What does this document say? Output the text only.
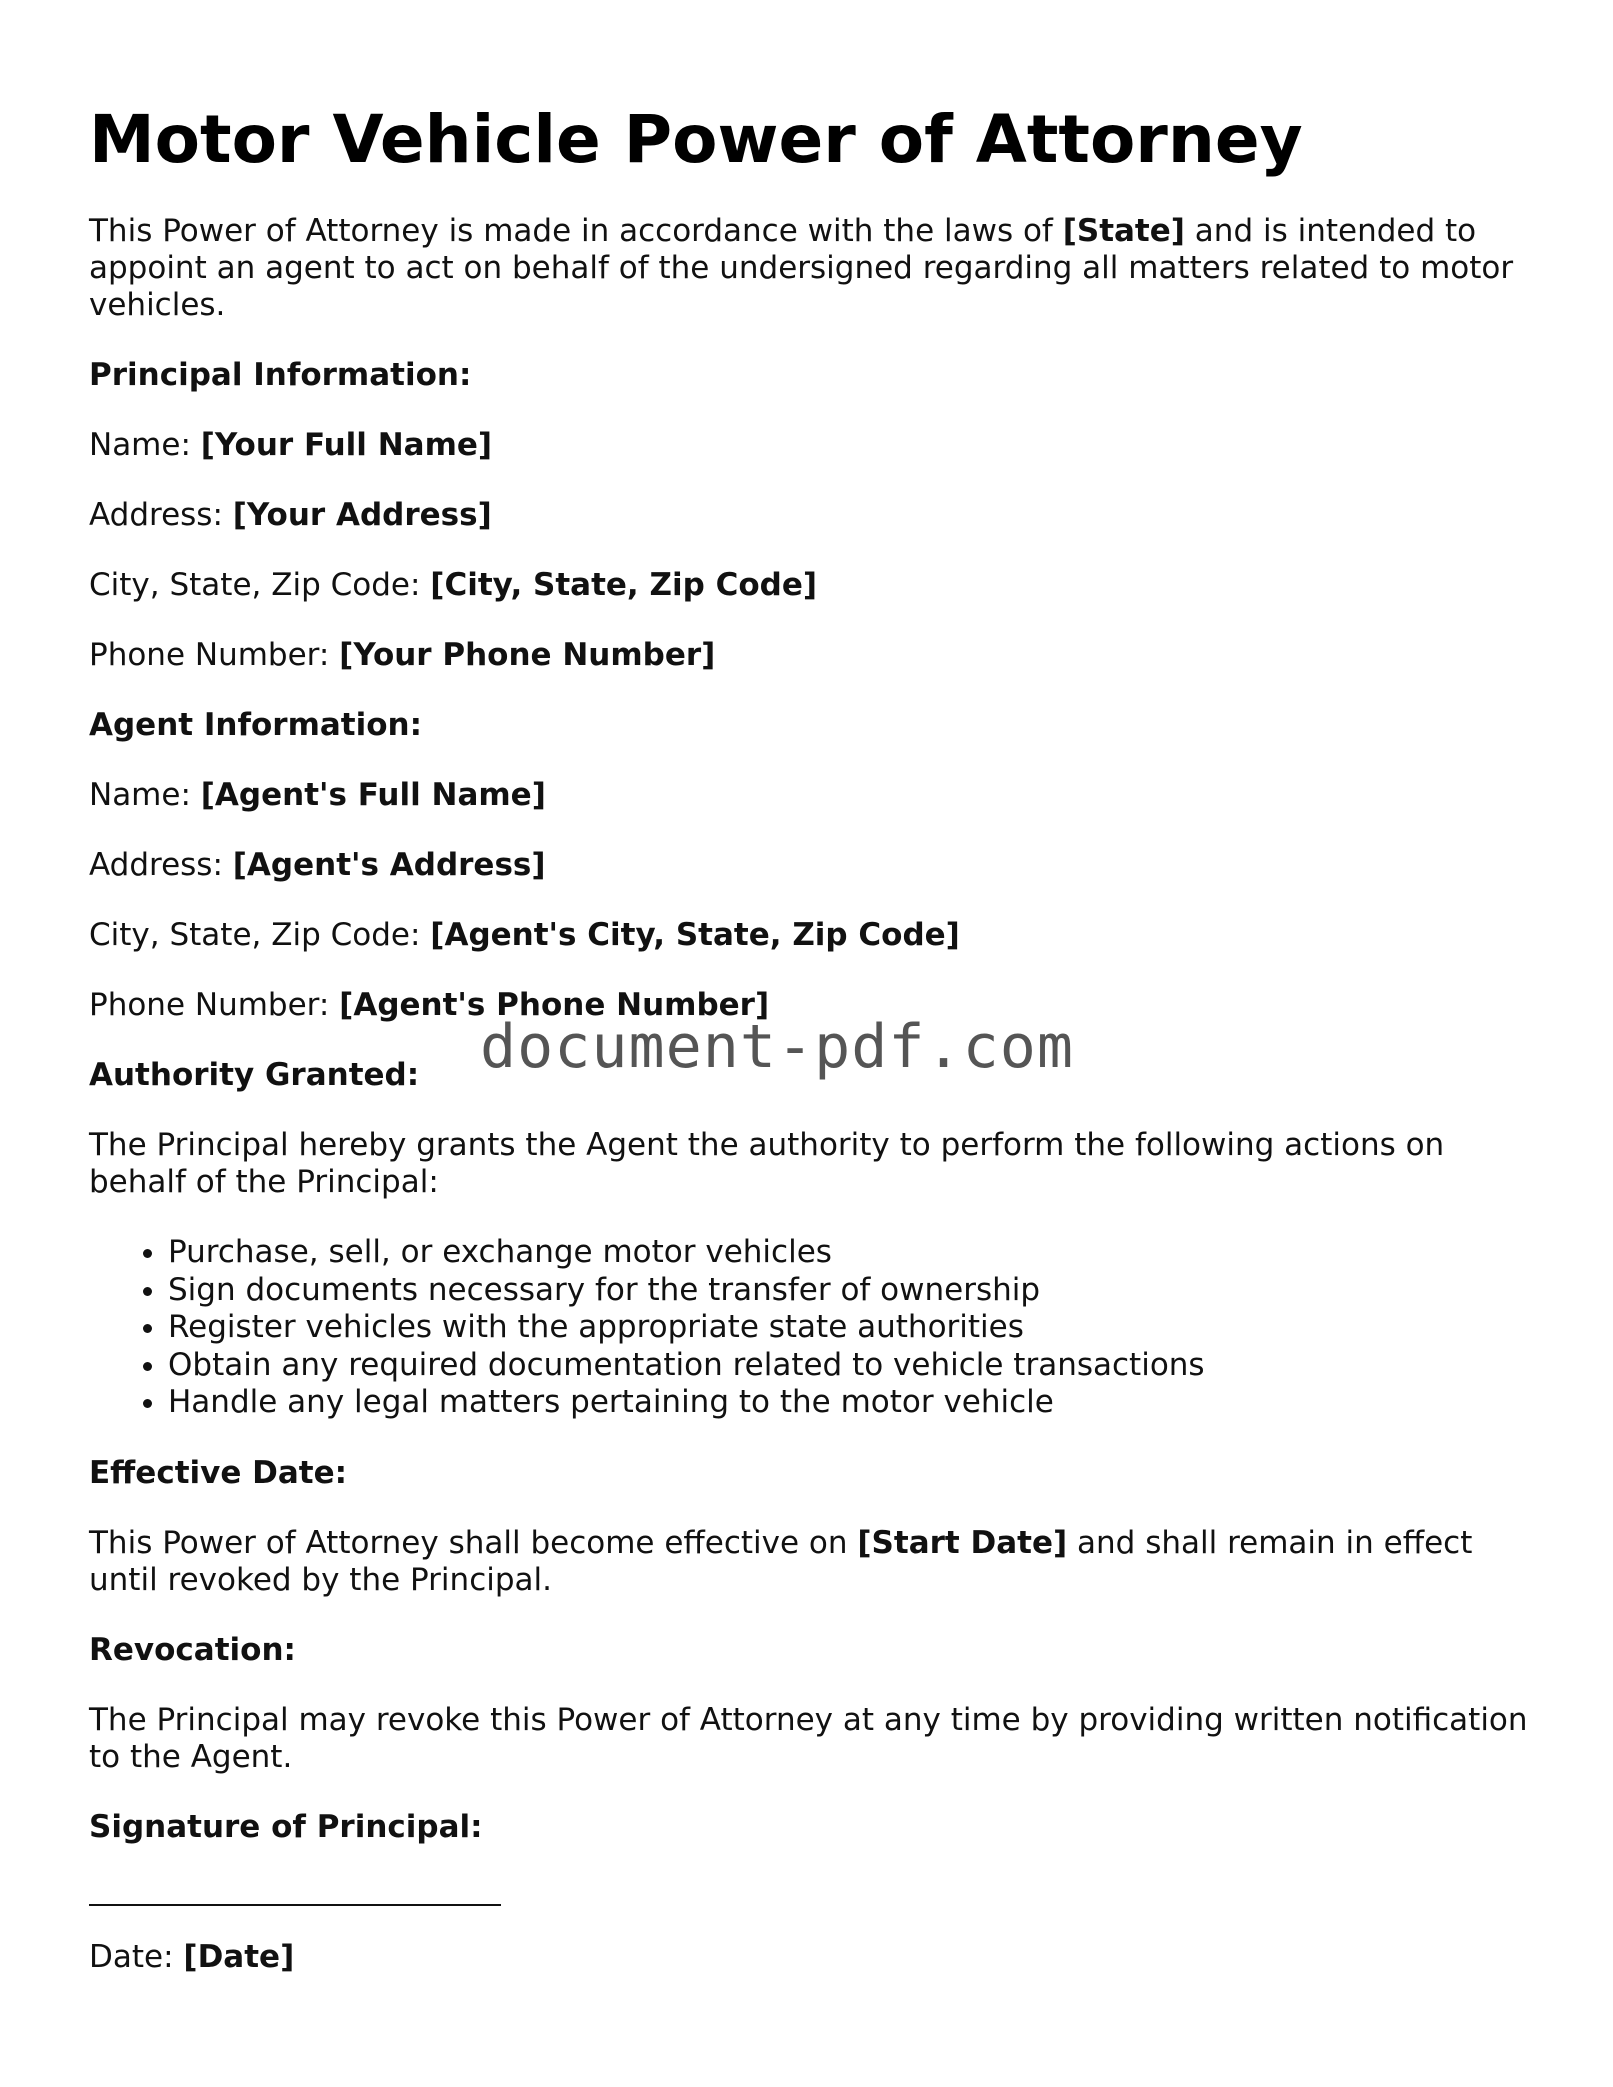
Motor Vehicle Power of Attorney

This Power of Attorney is made in accordance with the laws of [State] and is intended to appoint an agent to act on behalf of the undersigned regarding all matters related to motor vehicles.

Principal Information:

Name: [Your Full Name]

Address: [Your Address]

City, State, Zip Code: [City, State, Zip Code]

Phone Number: [Your Phone Number]

Agent Information:

Name: [Agent's Full Name]

Address: [Agent's Address]

City, State, Zip Code: [Agent's City, State, Zip Code]

Phone Number: [Agent's Phone Number]

Authority Granted:

The Principal hereby grants the Agent the authority to perform the following actions on behalf of the Principal:

• Purchase, sell, or exchange motor vehicles
• Sign documents necessary for the transfer of ownership
• Register vehicles with the appropriate state authorities
• Obtain any required documentation related to vehicle transactions
• Handle any legal matters pertaining to the motor vehicle

Effective Date:

This Power of Attorney shall become effective on [Start Date] and shall remain in effect until revoked by the Principal.

Revocation:

The Principal may revoke this Power of Attorney at any time by providing written notification to the Agent.

Signature of Principal:

Date: [Date]

document-pdf.com
